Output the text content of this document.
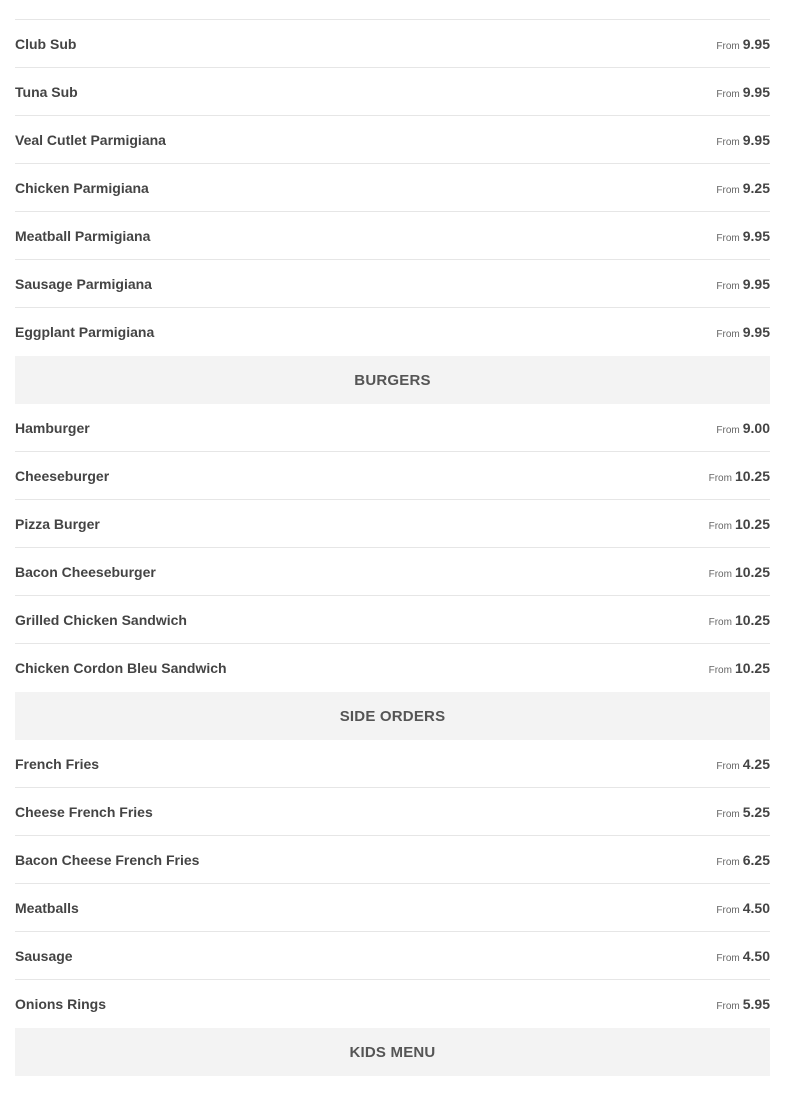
Club Sub	From 9.95
Tuna Sub	From 9.95
Veal Cutlet Parmigiana	From 9.95
Chicken Parmigiana	From 9.25
Meatball Parmigiana	From 9.95
Sausage Parmigiana	From 9.95
Eggplant Parmigiana	From 9.95
BURGERS
Hamburger	From 9.00
Cheeseburger	From 10.25
Pizza Burger	From 10.25
Bacon Cheeseburger	From 10.25
Grilled Chicken Sandwich	From 10.25
Chicken Cordon Bleu Sandwich	From 10.25
SIDE ORDERS
French Fries	From 4.25
Cheese French Fries	From 5.25
Bacon Cheese French Fries	From 6.25
Meatballs	From 4.50
Sausage	From 4.50
Onions Rings	From 5.95
KIDS MENU
